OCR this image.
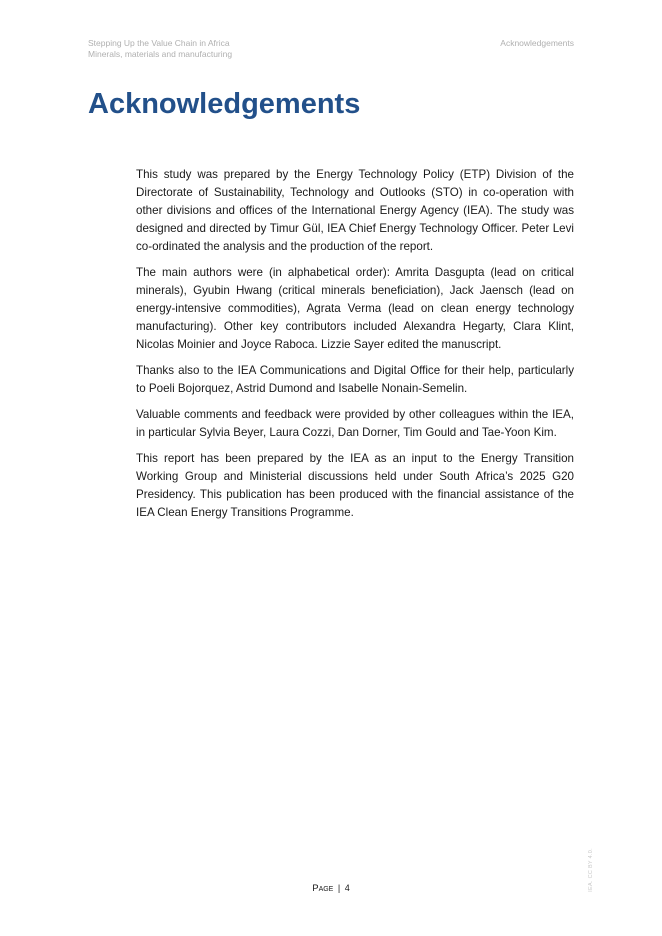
Stepping Up the Value Chain in Africa
Minerals, materials and manufacturing
Acknowledgements
Acknowledgements

This study was prepared by the Energy Technology Policy (ETP) Division of the Directorate of Sustainability, Technology and Outlooks (STO) in co-operation with other divisions and offices of the International Energy Agency (IEA). The study was designed and directed by Timur Gül, IEA Chief Energy Technology Officer. Peter Levi co-ordinated the analysis and the production of the report.

The main authors were (in alphabetical order): Amrita Dasgupta (lead on critical minerals), Gyubin Hwang (critical minerals beneficiation), Jack Jaensch (lead on energy-intensive commodities), Agrata Verma (lead on clean energy technology manufacturing). Other key contributors included Alexandra Hegarty, Clara Klint, Nicolas Moinier and Joyce Raboca. Lizzie Sayer edited the manuscript.

Thanks also to the IEA Communications and Digital Office for their help, particularly to Poeli Bojorquez, Astrid Dumond and Isabelle Nonain-Semelin.

Valuable comments and feedback were provided by other colleagues within the IEA, in particular Sylvia Beyer, Laura Cozzi, Dan Dorner, Tim Gould and Tae-Yoon Kim.

This report has been prepared by the IEA as an input to the Energy Transition Working Group and Ministerial discussions held under South Africa’s 2025 G20 Presidency. This publication has been produced with the financial assistance of the IEA Clean Energy Transitions Programme.

IEA. CC BY 4.0.
Page | 4
